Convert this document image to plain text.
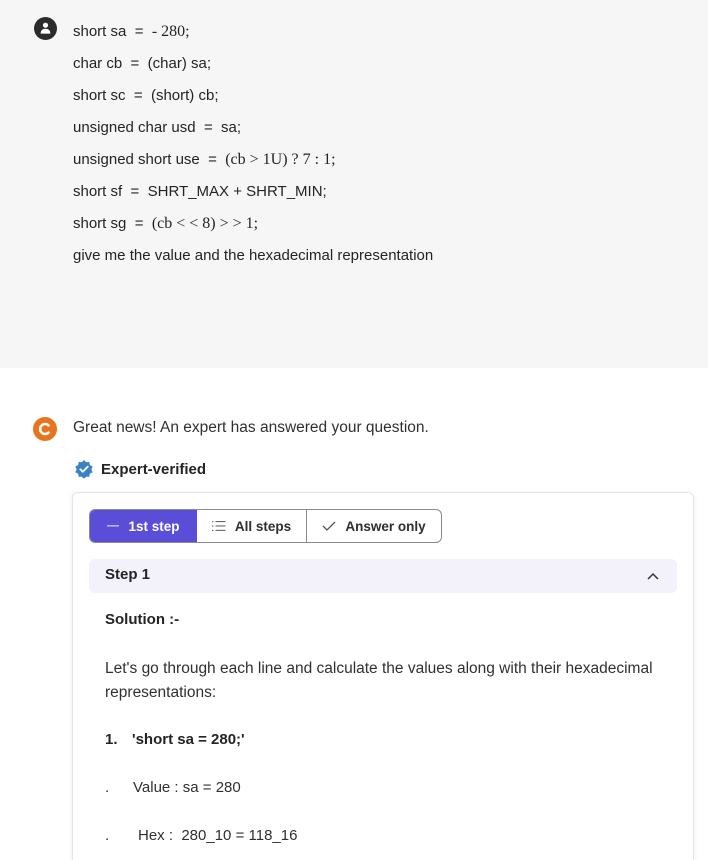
short sa = - 280;
char cb = (char) sa;
short sc = (short) cb;
unsigned char usd = sa;
unsigned short use = (cb > 1U) ? 7 : 1;
short sf = SHRT_MAX + SHRT_MIN;
short sg = (cb < < 8) > > 1;
give me the value and the hexadecimal representation
Great news! An expert has answered your question.
Expert-verified
1st step	All steps	Answer only
Step 1
Solution :-
Let's go through each line and calculate the values along with their hexadecimal representations:
1. 'short sa = 280;'

.

Value : sa = 280

.

Hex :  280_10 = 118_16
